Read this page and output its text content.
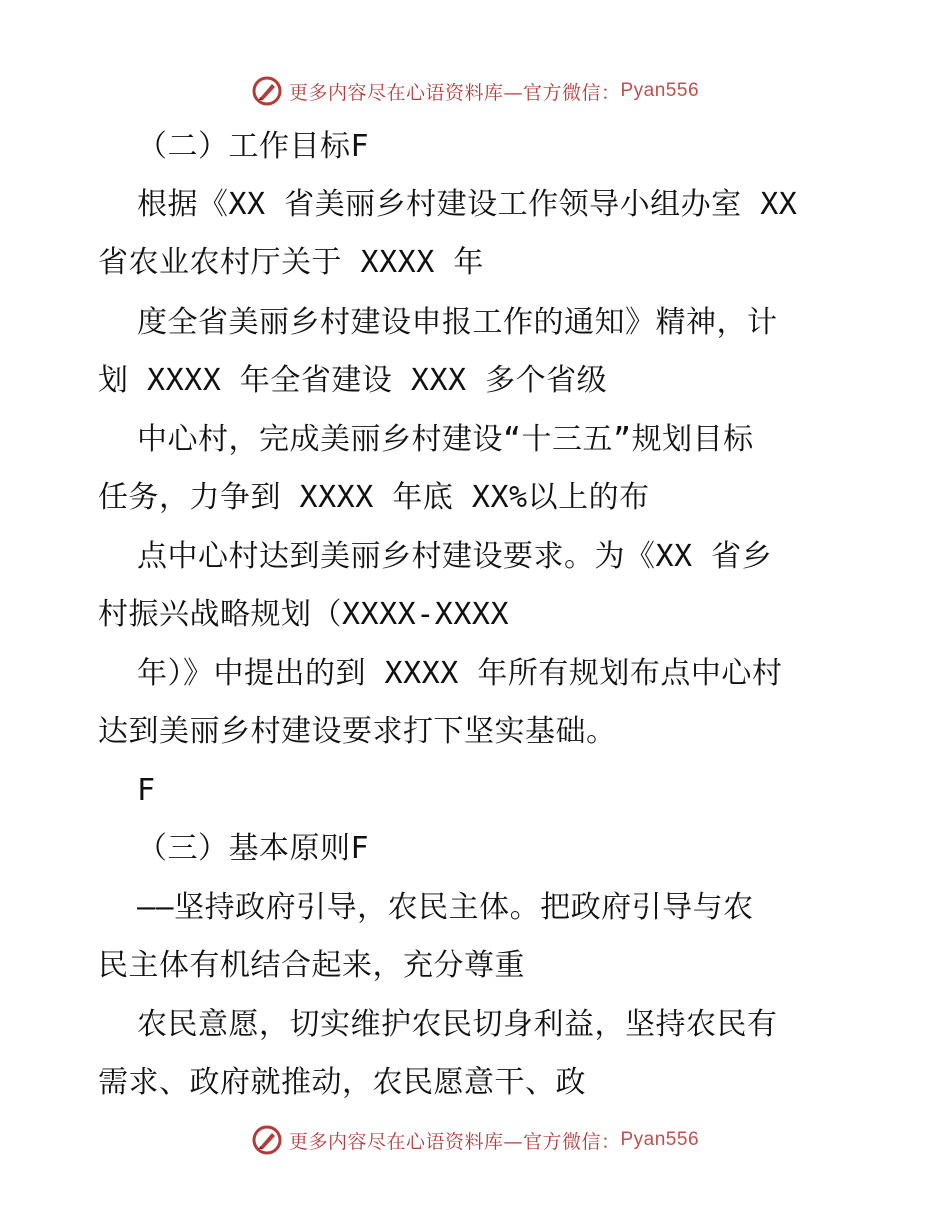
更多内容尽在心语资料库—官方微信： Pyan556
（二）工作目标F
根据《XX 省美丽乡村建设工作领导小组办室 XX
省农业农村厅关于 XXXX 年
度全省美丽乡村建设申报工作的通知》精神，计
划 XXXX 年全省建设 XXX 多个省级
中心村，完成美丽乡村建设“十三五”规划目标
任务，力争到 XXXX 年底 XX%以上的布
点中心村达到美丽乡村建设要求。为《XX 省乡
村振兴战略规划（XXXX-XXXX
年）》中提出的到 XXXX 年所有规划布点中心村
达到美丽乡村建设要求打下坚实基础。
F
（三）基本原则F
——坚持政府引导，农民主体。把政府引导与农
民主体有机结合起来，充分尊重
农民意愿，切实维护农民切身利益，坚持农民有
需求、政府就推动，农民愿意干、政
更多内容尽在心语资料库—官方微信： Pyan556
